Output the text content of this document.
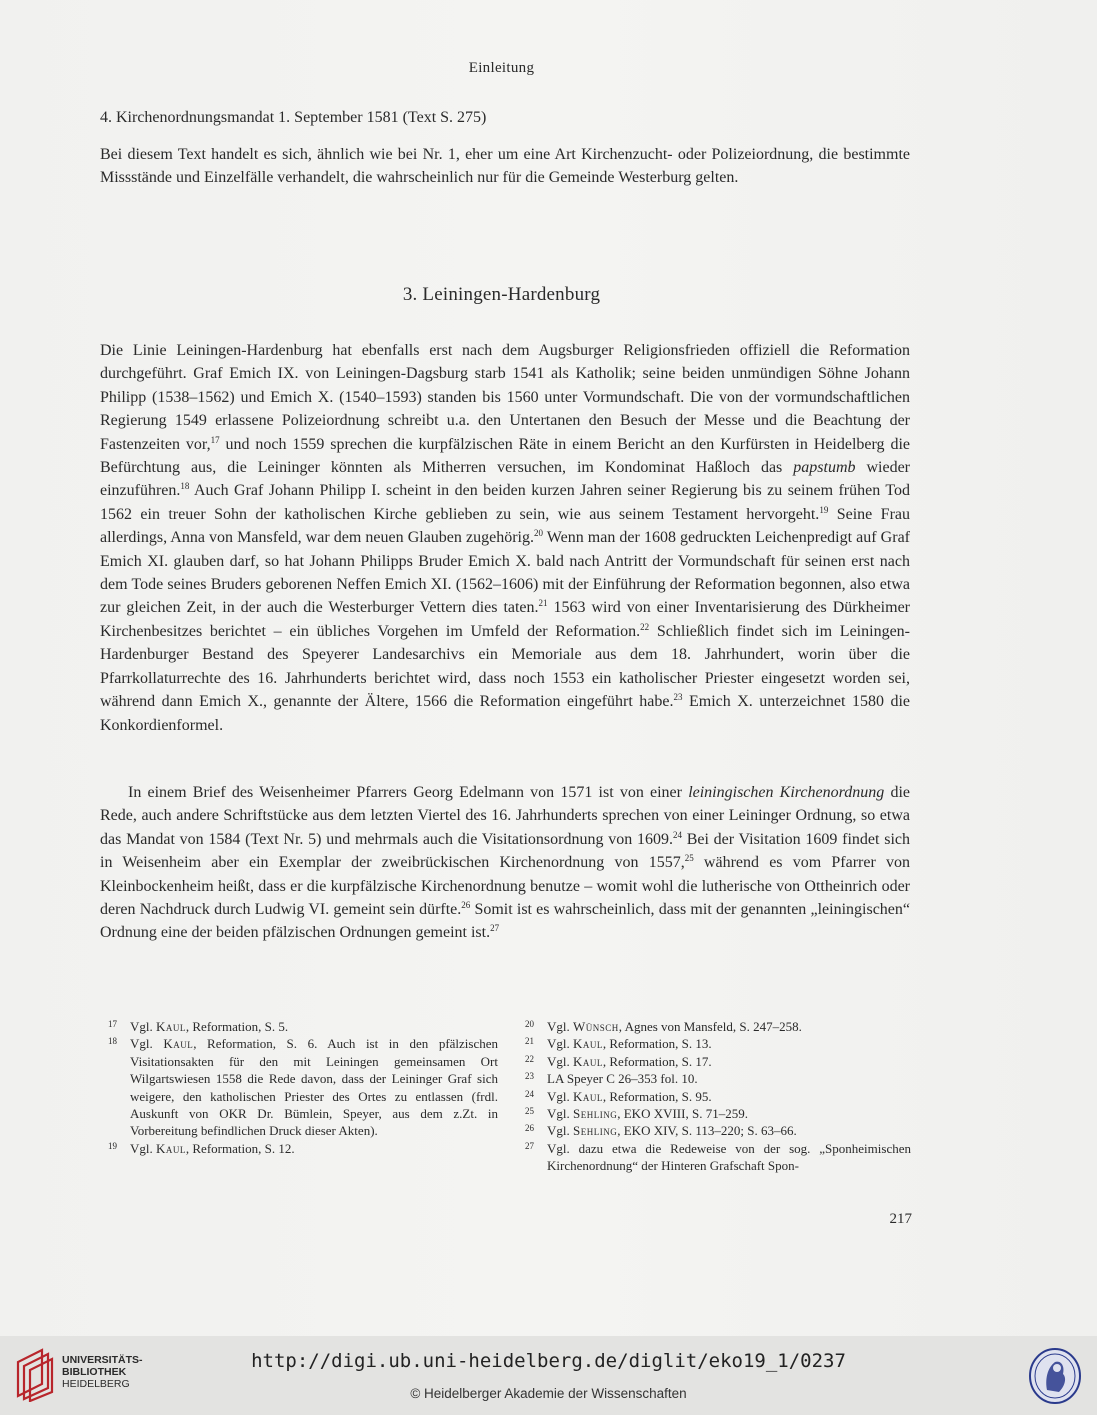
Einleitung
4. Kirchenordnungsmandat 1. September 1581 (Text S. 275)

Bei diesem Text handelt es sich, ähnlich wie bei Nr. 1, eher um eine Art Kirchenzucht- oder Polizeiordnung, die bestimmte Missstände und Einzelfälle verhandelt, die wahrscheinlich nur für die Gemeinde Westerburg gelten.

3. Leiningen-Hardenburg

Die Linie Leiningen-Hardenburg hat ebenfalls erst nach dem Augsburger Religionsfrieden offiziell die Reformation durchgeführt. Graf Emich IX. von Leiningen-Dagsburg starb 1541 als Katholik; seine beiden unmündigen Söhne Johann Philipp (1538–1562) und Emich X. (1540–1593) standen bis 1560 unter Vormundschaft. Die von der vormundschaftlichen Regierung 1549 erlassene Polizeiordnung schreibt u.a. den Untertanen den Besuch der Messe und die Beachtung der Fastenzeiten vor,$^{17}$ und noch 1559 sprechen die kurpfälzischen Räte in einem Bericht an den Kurfürsten in Heidelberg die Befürchtung aus, die Leininger könnten als Mitherren versuchen, im Kondominat Haßloch das papstumb wieder einzuführen.$^{18}$ Auch Graf Johann Philipp I. scheint in den beiden kurzen Jahren seiner Regierung bis zu seinem frühen Tod 1562 ein treuer Sohn der katholischen Kirche geblieben zu sein, wie aus seinem Testament hervorgeht.$^{19}$ Seine Frau allerdings, Anna von Mansfeld, war dem neuen Glauben zugehörig.$^{20}$ Wenn man der 1608 gedruckten Leichenpredigt auf Graf Emich XI. glauben darf, so hat Johann Philipps Bruder Emich X. bald nach Antritt der Vormundschaft für seinen erst nach dem Tode seines Bruders geborenen Neffen Emich XI. (1562–1606) mit der Einführung der Reformation begonnen, also etwa zur gleichen Zeit, in der auch die Westerburger Vettern dies taten.$^{21}$ 1563 wird von einer Inventarisierung des Dürkheimer Kirchenbesitzes berichtet – ein übliches Vorgehen im Umfeld der Reformation.$^{22}$ Schließlich findet sich im Leiningen-Hardenburger Bestand des Speyerer Landesarchivs ein Memoriale aus dem 18. Jahrhundert, worin über die Pfarrkollaturrechte des 16. Jahrhunderts berichtet wird, dass noch 1553 ein katholischer Priester eingesetzt worden sei, während dann Emich X., genannte der Ältere, 1566 die Reformation eingeführt habe.$^{23}$ Emich X. unterzeichnet 1580 die Konkordienformel.

In einem Brief des Weisenheimer Pfarrers Georg Edelmann von 1571 ist von einer leiningischen Kirchenordnung die Rede, auch andere Schriftstücke aus dem letzten Viertel des 16. Jahrhunderts sprechen von einer Leininger Ordnung, so etwa das Mandat von 1584 (Text Nr. 5) und mehrmals auch die Visitationsordnung von 1609.24 Bei der Visitation 1609 findet sich in Weisenheim aber ein Exemplar der zweibrückischen Kirchenordnung von 1557,25 während es vom Pfarrer von Kleinbockenheim heißt, dass er die kurpfälzische Kirchenordnung benutze – womit wohl die lutherische von Ottheinrich oder deren Nachdruck durch Ludwig VI. gemeint sein dürfte.$^{26}$ Somit ist es wahrscheinlich, dass mit der genannten „leiningischen“ Ordnung eine der beiden pfälzischen Ordnungen gemeint ist.$^{27}$

17 Vgl. Kaul, Reformation, S. 5.
18 Vgl. Kaul, Reformation, S. 6. Auch ist in den pfälzischen Visitationsakten für den mit Leiningen gemeinsamen Ort Wilgartswiesen 1558 die Rede davon, dass der Leininger Graf sich weigere, den katholischen Priester des Ortes zu entlassen (frdl. Auskunft von OKR Dr. Bümlein, Speyer, aus dem z.Zt. in Vorbereitung befindlichen Druck dieser Akten).
19 Vgl. Kaul, Reformation, S. 12.
20 Vgl. Wünsch, Agnes von Mansfeld, S. 247–258.
21 Vgl. Kaul, Reformation, S. 13.
22 Vgl. Kaul, Reformation, S. 17.
23 LA Speyer C 26–353 fol. 10.
24 Vgl. Kaul, Reformation, S. 95.
25 Vgl. Sehling, EKO XVIII, S. 71–259.
26 Vgl. Sehling, EKO XIV, S. 113–220; S. 63–66.
27 Vgl. dazu etwa die Redeweise von der sog. „Sponheimischen Kirchenordnung“ der Hinteren Grafschaft Spon-
217
UNIVERSITÄTS-
BIBLIOTHEK
HEIDELBERG
http://digi.ub.uni-heidelberg.de/diglit/eko19_1/0237
© Heidelberger Akademie der Wissenschaften
